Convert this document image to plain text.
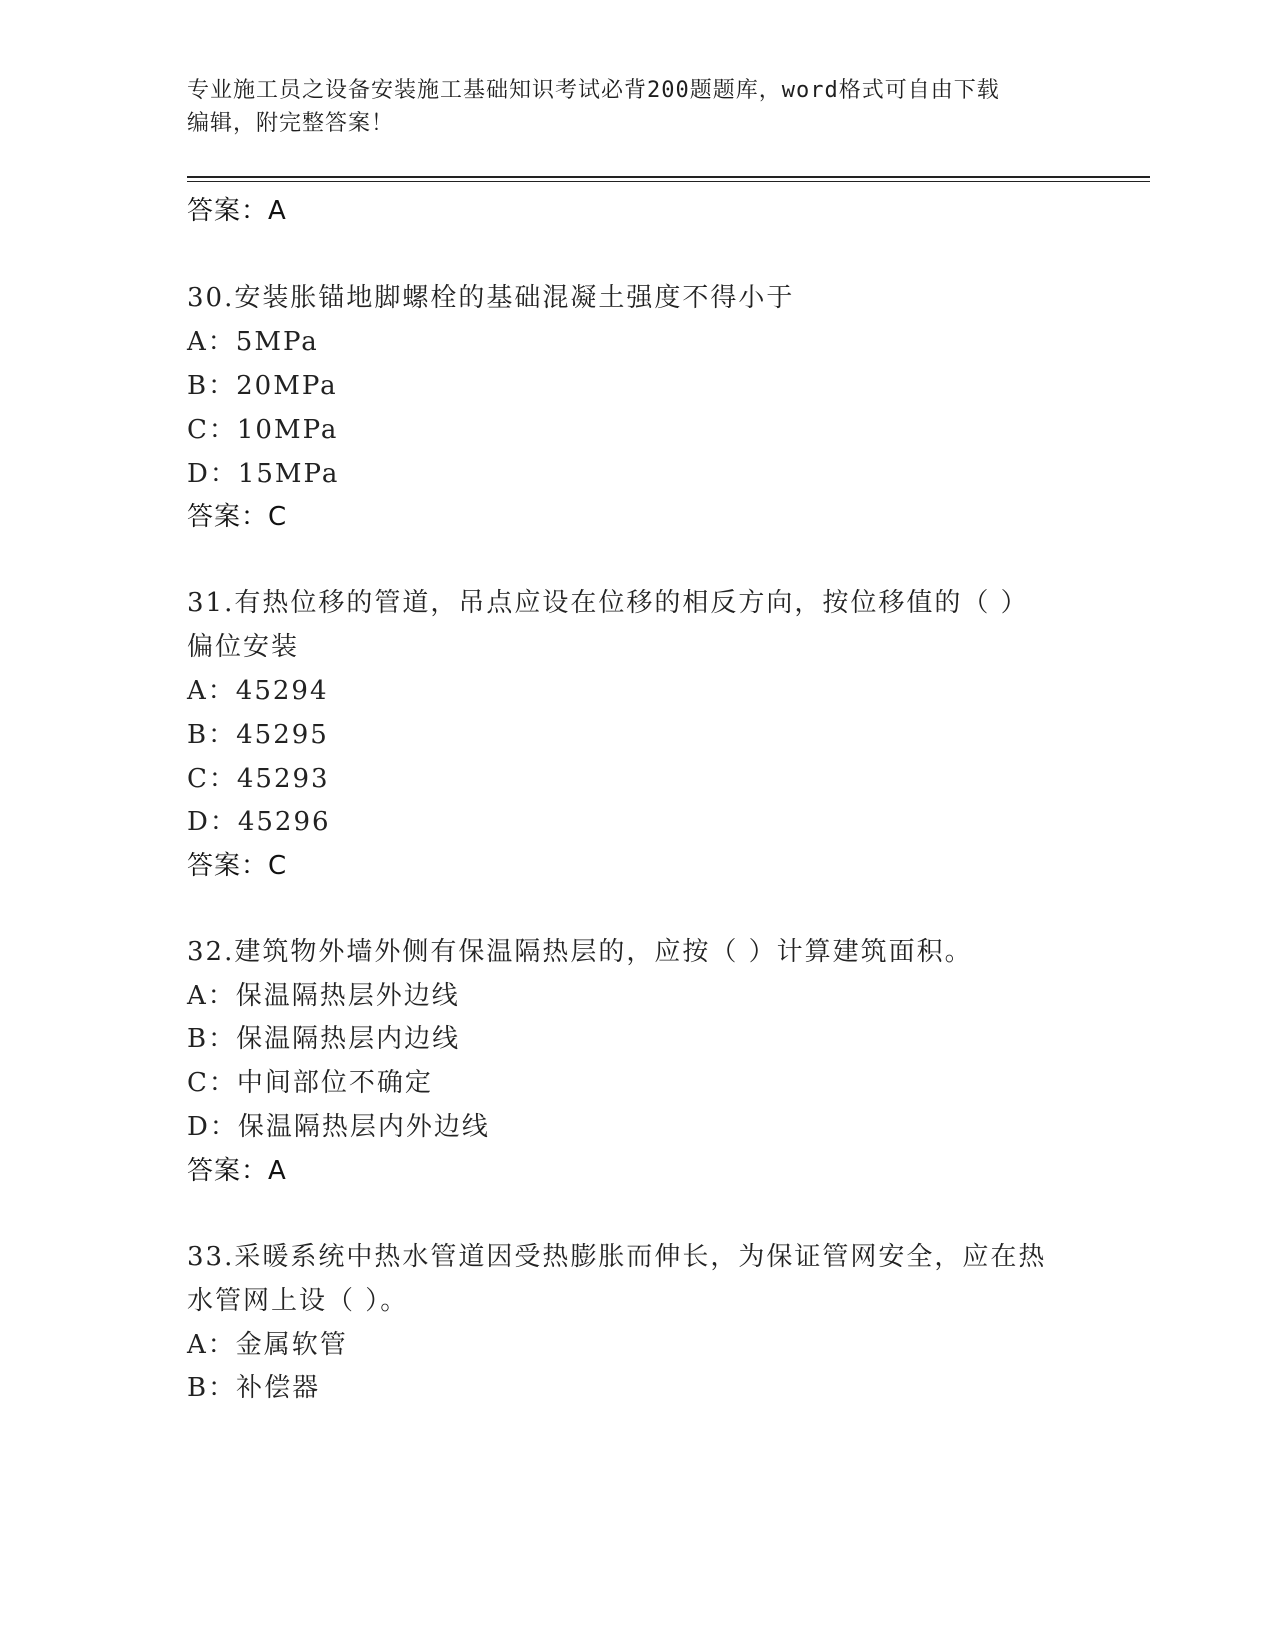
专业施工员之设备安装施工基础知识考试必背200题题库，word格式可自由下载
编辑，附完整答案！
答案：A
30.安装胀锚地脚螺栓的基础混凝土强度不得小于
A：5MPa
B：20MPa
C：10MPa
D：15MPa
答案：C
31.有热位移的管道，吊点应设在位移的相反方向，按位移值的（ ）
偏位安装
A：45294
B：45295
C：45293
D：45296
答案：C
32.建筑物外墙外侧有保温隔热层的，应按（ ）计算建筑面积。
A：保温隔热层外边线
B：保温隔热层内边线
C：中间部位不确定
D：保温隔热层内外边线
答案：A
33.采暖系统中热水管道因受热膨胀而伸长，为保证管网安全，应在热
水管网上设（ ）。
A：金属软管
B：补偿器
